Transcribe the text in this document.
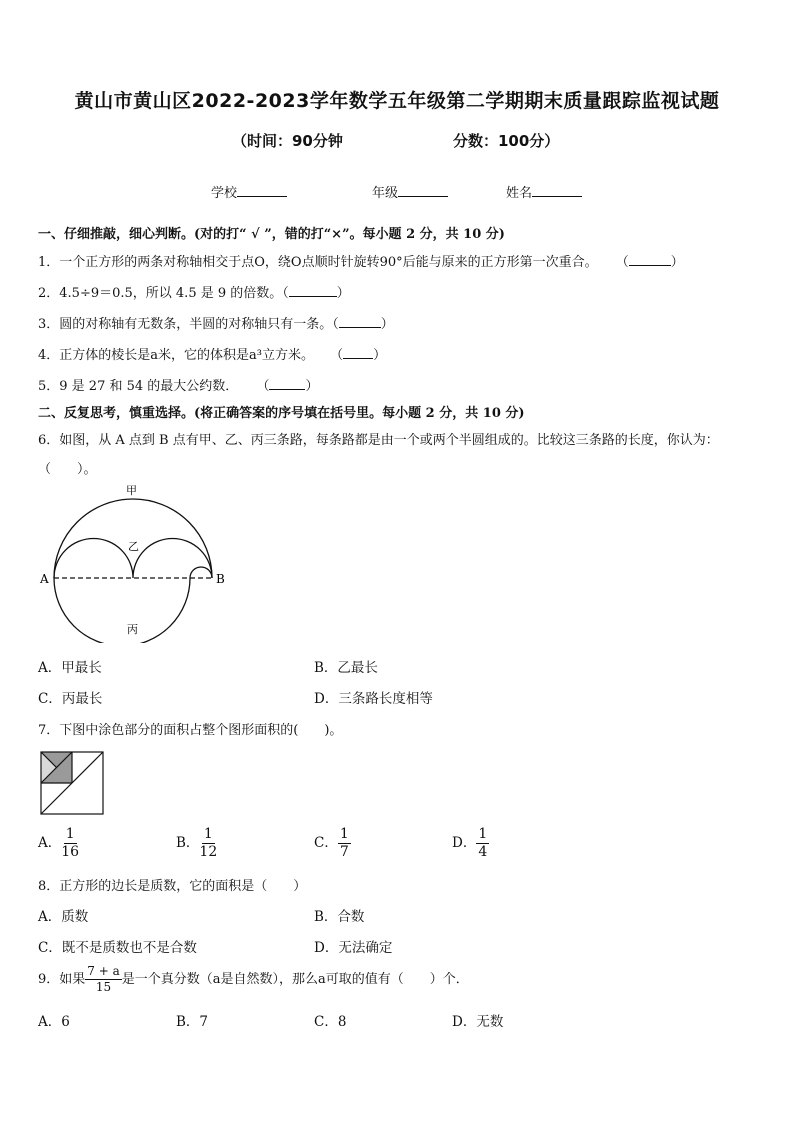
黄山市黄山区2022-2023学年数学五年级第二学期期末质量跟踪监视试题
（时间：90分钟	分数：100分）
学校	年级	姓名
一、仔细推敲，细心判断。(对的打“ √ ”，错的打“×”。每小题 2 分，共 10 分)
1．一个正方形的两条对称轴相交于点O，绕O点顺时针旋转90°后能与原来的正方形第一次重合。 （	）
2．4.5÷9＝0.5，所以 4.5 是 9 的倍数。（	）
3．圆的对称轴有无数条，半圆的对称轴只有一条。（	）
4．正方体的棱长是a米，它的体积是a³立方米。 （ ）
5．9 是 27 和 54 的最大公约数． （	）
二、反复思考，慎重选择。(将正确答案的序号填在括号里。每小题 2 分，共 10 分)
6．如图，从 A 点到 B 点有甲、乙、丙三条路，每条路都是由一个或两个半圆组成的。比较这三条路的长度，你认为：
（　　）。
甲
乙
丙
A	B
A．甲最长	B．乙最长
C．丙最长	D．三条路长度相等
7．下图中涂色部分的面积占整个图形面积的(　　)。
A． $\frac{1}{16}$	B． $\frac{1}{12}$	C． $\frac{1}{7}$	D． $\frac{1}{4}$
8．正方形的边长是质数，它的面积是（　　）
A．质数	B．合数
C．既不是质数也不是合数	D．无法确定
9．如果 $\frac{7 + a}{15}$ 是一个真分数（a是自然数），那么a可取的值有（　　）个．
A．6	B．7	C．8	D．无数
